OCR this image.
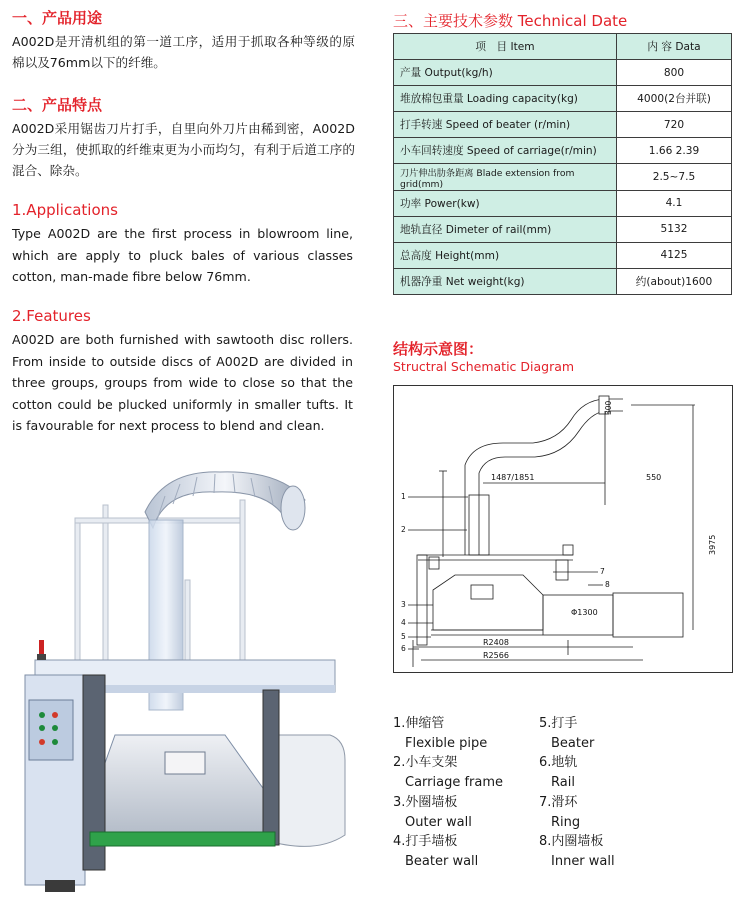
一、产品用途
A002D是开清机组的第一道工序，适用于抓取各种等级的原棉以及76mm以下的纤维。
二、产品特点
A002D采用锯齿刀片打手，自里向外刀片由稀到密，A002D分为三组，使抓取的纤维束更为小而均匀，有利于后道工序的混合、除杂。
1.Applications
Type A002D are the first process in blowroom line, which are apply to pluck bales of various classes cotton, man-made fibre below 76mm.
2.Features
A002D are both furnished with sawtooth disc rollers. From inside to outside discs of A002D are divided in three groups, groups from wide to close so that the cotton could be plucked uniformly in smaller tufts. It is favourable for next process to blend and clean.
三、主要技术参数 Technical Date
项　目 Item	内 容 Data
产量 Output(kg/h)	800
堆放棉包重量 Loading capacity(kg)	4000(2台并联)
打手转速 Speed of beater (r/min)	720
小车回转速度 Speed of carriage(r/min)	1.66 2.39
刀片伸出肋条距离 Blade extension from grid(mm)	2.5~7.5
功率 Power(kw)	4.1
地轨直径 Dimeter of rail(mm)	5132
总高度 Height(mm)	4125
机器净重 Net weight(kg)	约(about)1600
结构示意图：
Structral Schematic Diagram
1487/1851	550
300
3975
Φ1300
R2408
R2566
1
2
3
4
5
6
7
8
1.伸缩管
Flexible pipe
2.小车支架
Carriage frame
3.外圈墙板
Outer wall
4.打手墙板
Beater wall
5.打手
Beater
6.地轨
Rail
7.滑环
Ring
8.内圈墙板
Inner wall
